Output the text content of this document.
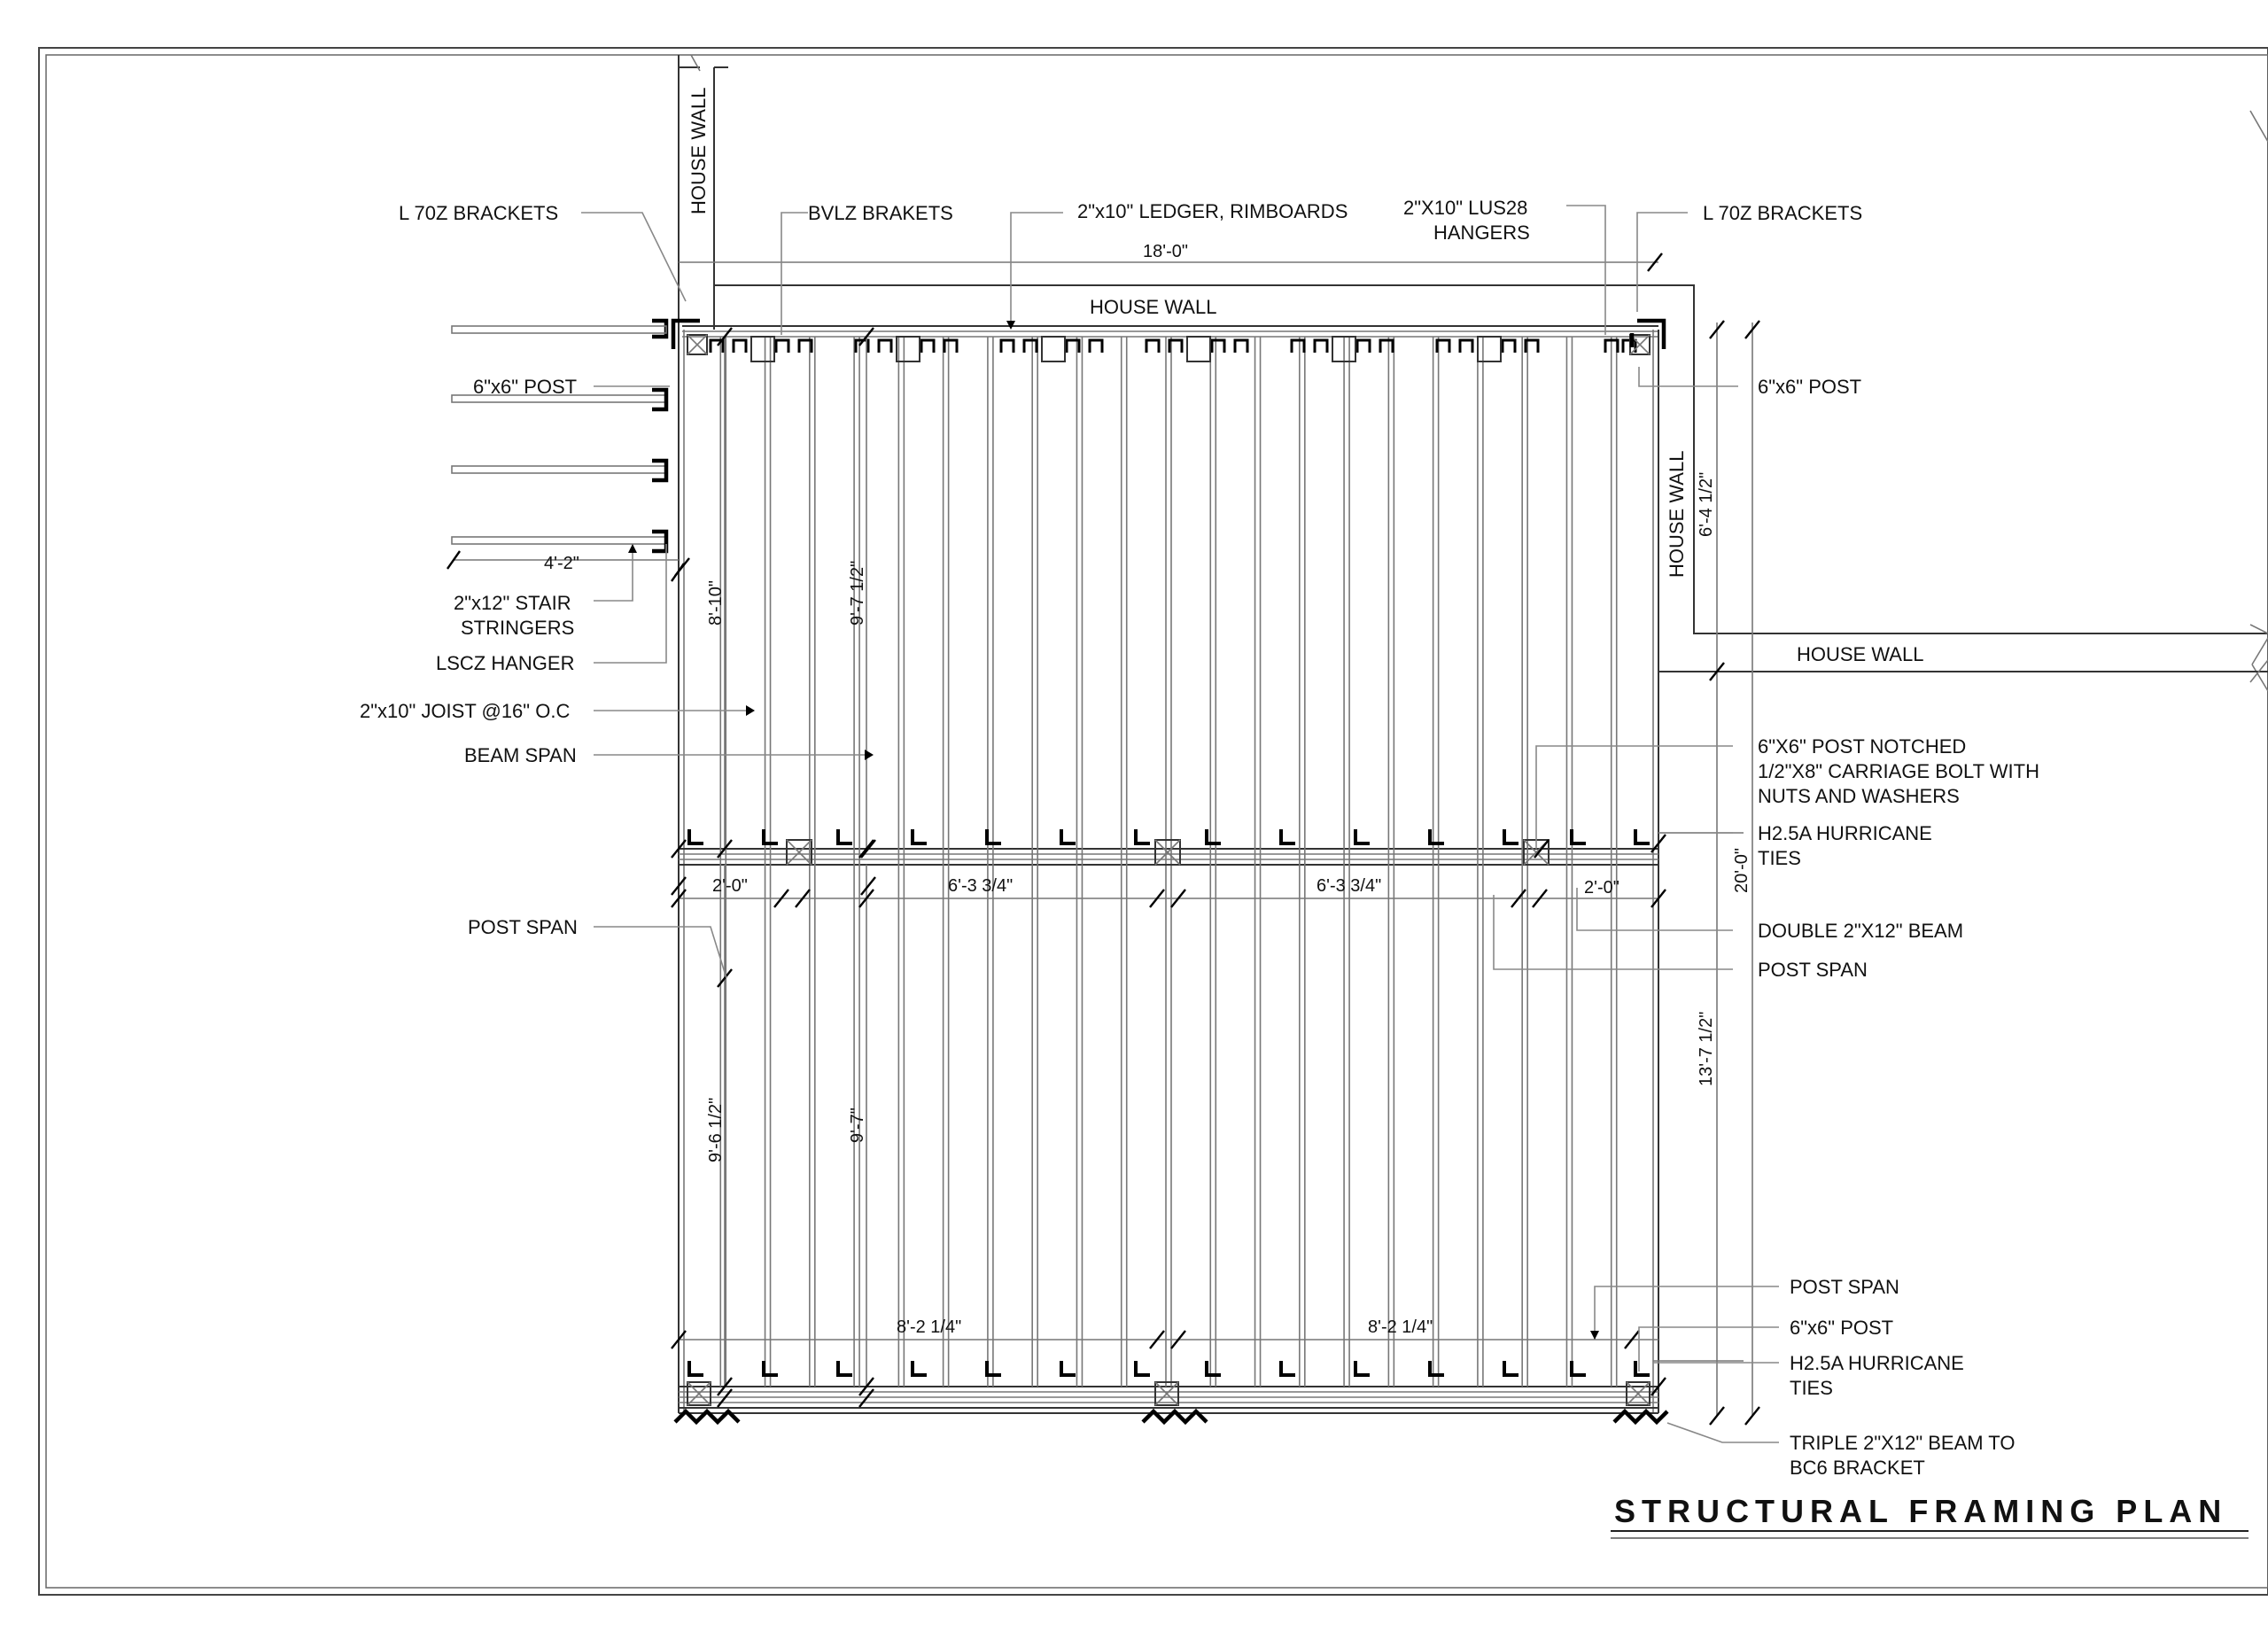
STRUCTURAL FRAMING PLAN
HOUSE WALL
HOUSE WALL
HOUSE WALL
HOUSE WALL
L 70Z BRACKETS	BVLZ BRAKETS	2"x10" LEDGER, RIMBOARDS	2"X10" LUS28
HANGERS
L 70Z BRACKETS
6"x6" POST	6"x6" POST
2"x12" STAIR
STRINGERS
LSCZ HANGER
2"x10" JOIST @16" O.C
BEAM SPAN
POST SPAN
6"X6" POST NOTCHED
1/2"X8" CARRIAGE BOLT WITH
NUTS AND WASHERS
H2.5A HURRICANE
TIES
DOUBLE 2"X12" BEAM
POST SPAN
POST SPAN
6"x6" POST
H2.5A HURRICANE
TIES
TRIPLE 2"X12" BEAM TO
BC6 BRACKET
18'-0"
4'-2"
8'-10"	9'-7 1/2"
9'-6 1/2"	9'-7"
2'-0"	6'-3 3/4"	6'-3 3/4"	2'-0"
8'-2 1/4"	8'-2 1/4"
6'-4 1/2"
20'-0"
13'-7 1/2"
